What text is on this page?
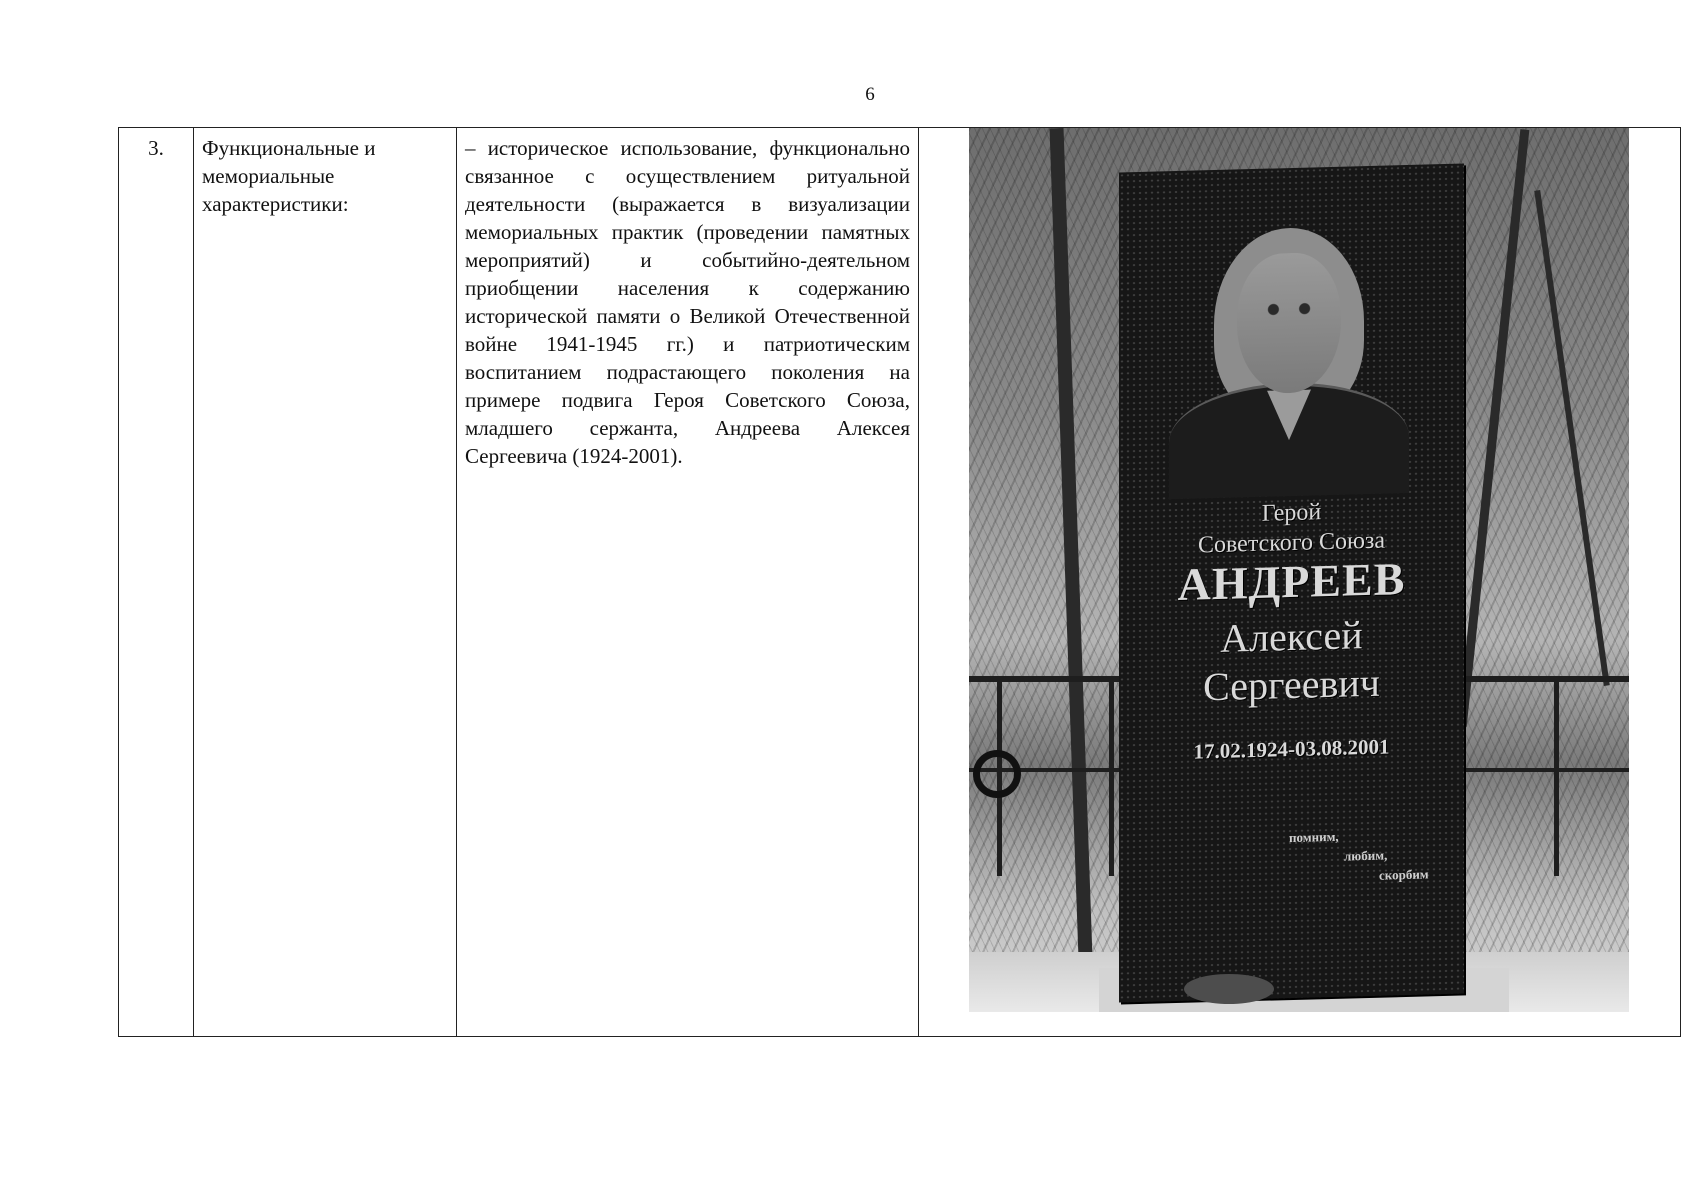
6
3.	Функциональные и мемориальные характеристики:	– историческое использование, функционально связанное с осуществлением ритуальной деятельности (выражается в визуализации мемориальных практик (проведении памятных мероприятий) и событийно-деятельном приобщении населения к содержанию исторической памяти о Великой Отечественной войне 1941-1945 гг.) и патриотическим воспитанием подрастающего поколения на примере подвига Героя Советского Союза, младшего сержанта, Андреева Алексея Сергеевича (1924-2001).	
Герой
Советского Союза
АНДРЕЕВ
Алексей
Сергеевич
17.02.1924-03.08.2001
помним,
любим,
скорбим
